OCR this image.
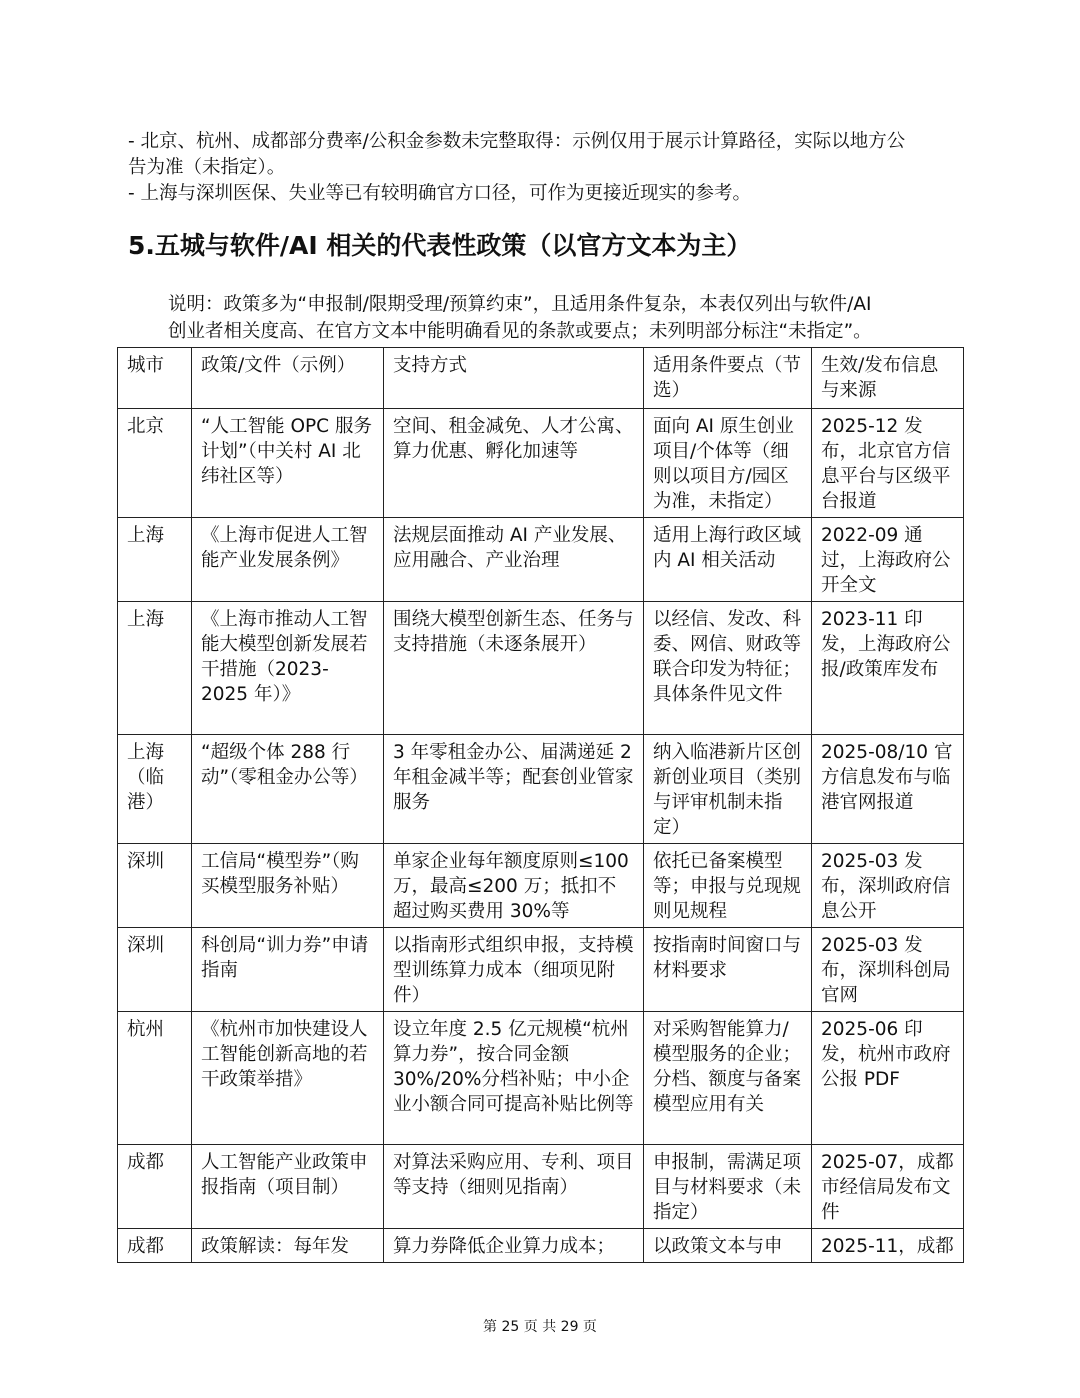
- 北京、杭州、成都部分费率/公积金参数未完整取得：示例仅用于展示计算路径，实际以地方公
告为准（未指定）。
- 上海与深圳医保、失业等已有较明确官方口径，可作为更接近现实的参考。
5.五城与软件/AI 相关的代表性政策（以官方文本为主）
说明：政策多为“申报制/限期受理/预算约束”，且适用条件复杂，本表仅列出与软件/AI
创业者相关度高、在官方文本中能明确看见的条款或要点；未列明部分标注“未指定”。
城市	政策/文件（示例）	支持方式	适用条件要点（节选）	生效/发布信息与来源
北京	“人工智能 OPC 服务计划”（中关村 AI 北纬社区等）	空间、租金减免、人才公寓、算力优惠、孵化加速等	面向 AI 原生创业项目/个体等（细则以项目方/园区为准，未指定）	2025-12 发布，北京官方信息平台与区级平台报道
上海	《上海市促进人工智能产业发展条例》	法规层面推动 AI 产业发展、应用融合、产业治理	适用上海行政区域内 AI 相关活动	2022-09 通过，上海政府公开全文
上海	《上海市推动人工智能大模型创新发展若干措施（2023-2025 年）》	围绕大模型创新生态、任务与支持措施（未逐条展开）	以经信、发改、科委、网信、财政等联合印发为特征；具体条件见文件	2023-11 印发，上海政府公报/政策库发布
上海（临港）	“超级个体 288 行动”（零租金办公等）	3 年零租金办公、届满递延 2 年租金减半等；配套创业管家服务	纳入临港新片区创新创业项目（类别与评审机制未指定）	2025-08/10 官方信息发布与临港官网报道
深圳	工信局“模型券”（购买模型服务补贴）	单家企业每年额度原则≤100 万，最高≤200 万；抵扣不超过购买费用 30%等	依托已备案模型等；申报与兑现规则见规程	2025-03 发布，深圳政府信息公开
深圳	科创局“训力券”申请指南	以指南形式组织申报，支持模型训练算力成本（细项见附件）	按指南时间窗口与材料要求	2025-03 发布，深圳科创局官网
杭州	《杭州市加快建设人工智能创新高地的若干政策举措》	设立年度 2.5 亿元规模“杭州算力券”，按合同金额 30%/20%分档补贴；中小企业小额合同可提高补贴比例等	对采购智能算力/模型服务的企业；分档、额度与备案模型应用有关	2025-06 印发，杭州市政府公报 PDF
成都	人工智能产业政策申报指南（项目制）	对算法采购应用、专利、项目等支持（细则见指南）	申报制，需满足项目与材料要求（未指定）	2025-07，成都市经信局发布文件
成都	政策解读：每年发	算力券降低企业算力成本；	以政策文本与申	2025-11，成都
第 25 页 共 29 页
